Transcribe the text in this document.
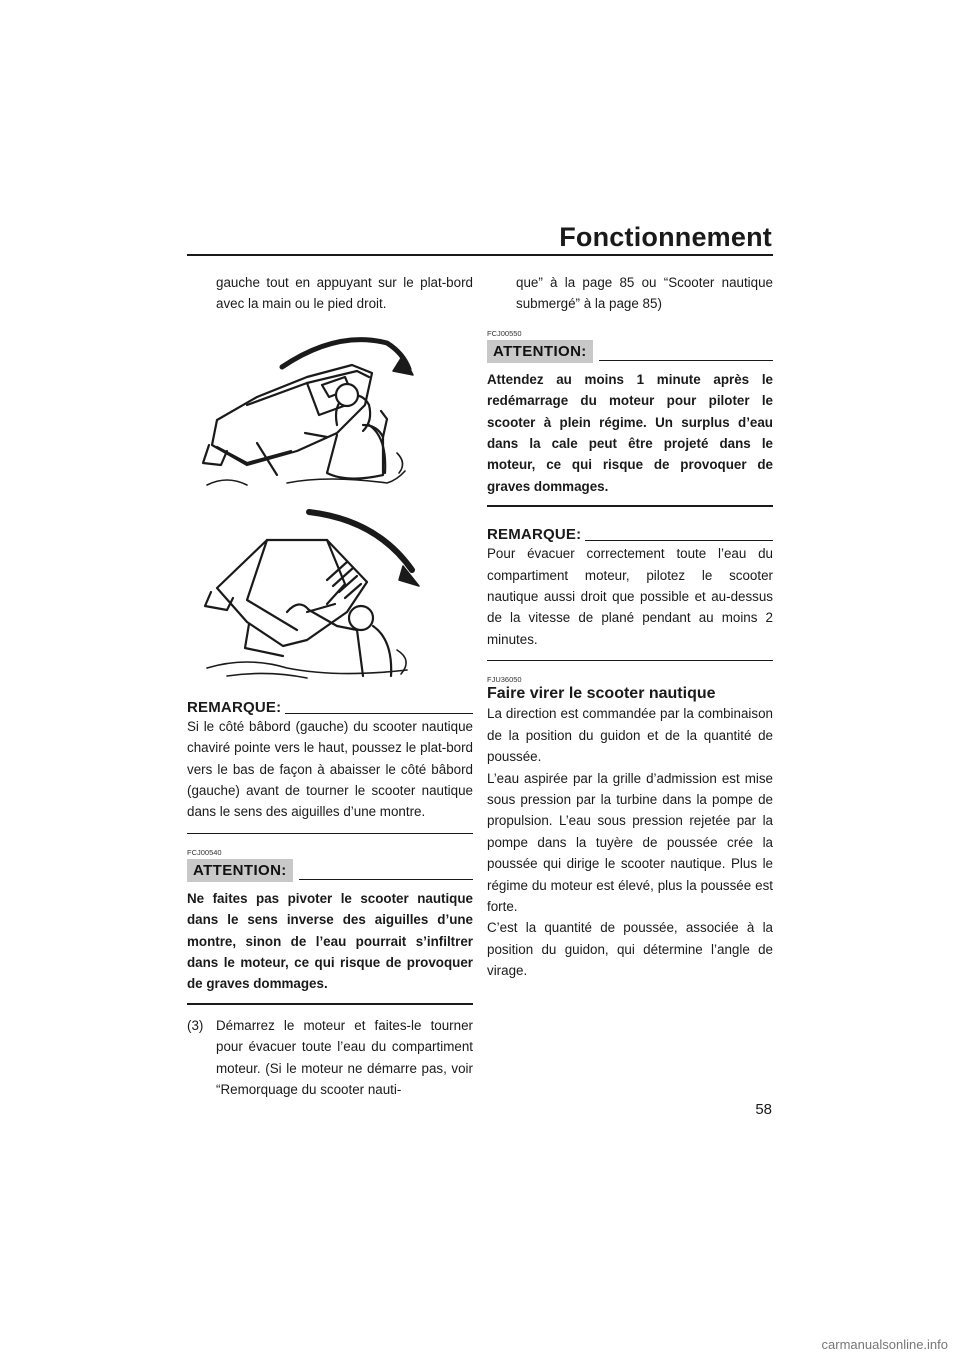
Fonctionnement

gauche tout en appuyant sur le plat-bord avec la main ou le pied droit.

REMARQUE:

Si le côté bâbord (gauche) du scooter nautique chaviré pointe vers le haut, poussez le plat-bord vers le bas de façon à abaisser le côté bâbord (gauche) avant de tourner le scooter nautique dans le sens des aiguilles d’une montre.

FCJ00540
ATTENTION:

Ne faites pas pivoter le scooter nautique dans le sens inverse des aiguilles d’une montre, sinon de l’eau pourrait s’infiltrer dans le moteur, ce qui risque de provoquer de graves dommages.

(3) Démarrez le moteur et faites-le tourner pour évacuer toute l’eau du compartiment moteur. (Si le moteur ne démarre pas, voir “Remorquage du scooter nauti-

que” à la page 85 ou “Scooter nautique submergé” à la page 85)

FCJ00550
ATTENTION:

Attendez au moins 1 minute après le redémarrage du moteur pour piloter le scooter à plein régime. Un surplus d’eau dans la cale peut être projeté dans le moteur, ce qui risque de provoquer de graves dommages.

REMARQUE:

Pour évacuer correctement toute l’eau du compartiment moteur, pilotez le scooter nautique aussi droit que possible et au-dessus de la vitesse de plané pendant au moins 2 minutes.

FJU36050
Faire virer le scooter nautique

La direction est commandée par la combinaison de la position du guidon et de la quantité de poussée.

L’eau aspirée par la grille d’admission est mise sous pression par la turbine dans la pompe de propulsion. L’eau sous pression rejetée par la pompe dans la tuyère de poussée crée la poussée qui dirige le scooter nautique. Plus le régime du moteur est élevé, plus la poussée est forte.

C’est la quantité de poussée, associée à la position du guidon, qui détermine l’angle de virage.

58
carmanualsonline.info
